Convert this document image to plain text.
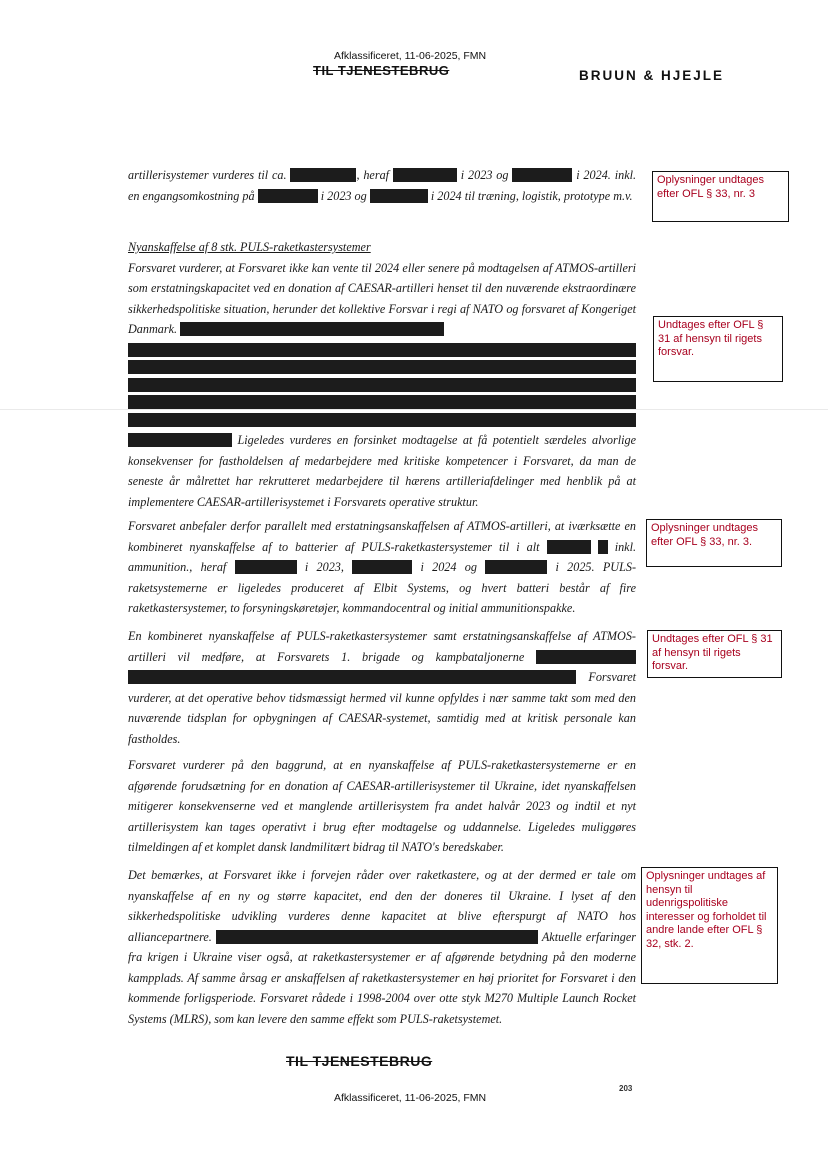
Afklassificeret, 11-06-2025, FMN
TIL TJENESTEBRUG	BRUUN & HJEJLE

artillerisystemer vurderes til ca.	, heraf	i 2023 og	i 2024. inkl. en engangsomkostning på	i 2023 og	i 2024 til træning, logistik, prototype m.v.

Nyanskaffelse af 8 stk. PULS-raketkastersystemer

Forsvaret vurderer, at Forsvaret ikke kan vente til 2024 eller senere på modtagelsen af ATMOS-artilleri som erstatningskapacitet ved en donation af CAESAR-artilleri henset til den nuværende ekstraordinære sikkerhedspolitiske situation, herunder det kollektive Forsvar i regi af NATO og forsvaret af Kongeriget Danmark.

Ligeledes vurderes en forsinket modtagelse at få potentielt særdeles alvorlige konsekvenser for fastholdelsen af medarbejdere med kritiske kompetencer i Forsvaret, da man de seneste år målrettet har rekrutteret medarbejdere til hærens artilleriafdelinger med henblik på at implementere CAESAR-artillerisystemet i Forsvarets operative struktur.

Forsvaret anbefaler derfor parallelt med erstatningsanskaffelsen af ATMOS-artilleri, at iværksætte en kombineret nyanskaffelse af to batterier af PULS-raketkastersystemer til i alt	inkl. ammunition., heraf	i 2023,	i 2024 og	i 2025. PULS-raketsystemerne er ligeledes produceret af Elbit Systems, og hvert batteri består af fire raketkastersystemer, to forsyningskøretøjer, kommandocentral og initial ammunitionspakke.

En kombineret nyanskaffelse af PULS-raketkastersystemer samt erstatningsanskaffelse af ATMOS-artilleri vil medføre, at Forsvarets 1. brigade og kampbataljonerne   Forsvaret vurderer, at det operative behov tidsmæssigt hermed vil kunne opfyldes i nær samme takt som med den nuværende tidsplan for opbygningen af CAESAR-systemet, samtidig med at kritisk personale kan fastholdes.

Forsvaret vurderer på den baggrund, at en nyanskaffelse af PULS-raketkastersystemerne er en afgørende forudsætning for en donation af CAESAR-artillerisystemer til Ukraine, idet nyanskaffelsen mitigerer konsekvenserne ved et manglende artillerisystem fra andet halvår 2023 og indtil et nyt artillerisystem kan tages operativt i brug efter modtagelse og uddannelse. Ligeledes muliggøres tilmeldingen af et komplet dansk landmilitært bidrag til NATO's beredskaber.

Det bemærkes, at Forsvaret ikke i forvejen råder over raketkastere, og at der dermed er tale om nyanskaffelse af en ny og større kapacitet, end den der doneres til Ukraine. I lyset af den sikkerhedspolitiske udvikling vurderes denne kapacitet at blive efterspurgt af NATO hos alliancepartnere.	Aktuelle erfaringer fra krigen i Ukraine viser også, at raketkastersystemer er af afgørende betydning på den moderne kampplads. Af samme årsag er anskaffelsen af raketkastersystemer en høj prioritet for Forsvaret i den kommende forligsperiode. Forsvaret rådede i 1998-2004 over otte styk M270 Multiple Launch Rocket Systems (MLRS), som kan levere den samme effekt som PULS-raketsystemet.

Oplysninger undtages efter OFL § 33, nr. 3
Undtages efter OFL § 31 af hensyn til rigets forsvar.
Oplysninger undtages efter OFL § 33, nr. 3.
Undtages efter OFL § 31 af hensyn til rigets forsvar.
Oplysninger undtages af hensyn til udenrigspolitiske interesser og forholdet til andre lande efter OFL § 32, stk. 2.
TIL TJENESTEBRUG
203
Afklassificeret, 11-06-2025, FMN
